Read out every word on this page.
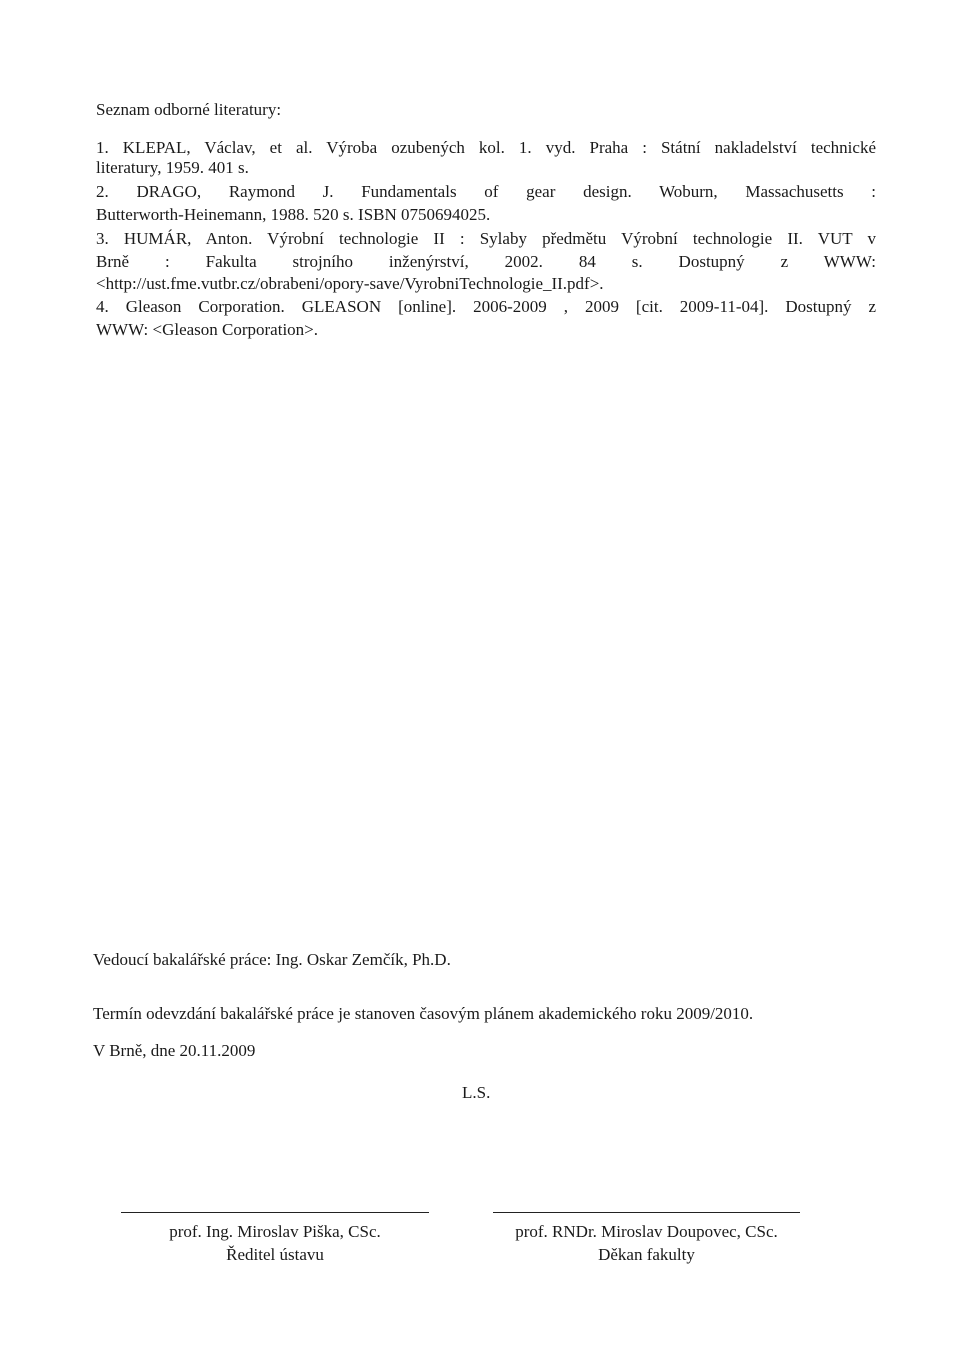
Seznam odborné literatury:
1. KLEPAL, Václav, et al. Výroba ozubených kol. 1. vyd. Praha : Státní nakladelství technické
literatury, 1959. 401 s.
2. DRAGO, Raymond J. Fundamentals of gear design. Woburn, Massachusetts :
Butterworth-Heinemann, 1988. 520 s. ISBN 0750694025.
3. HUMÁR, Anton. Výrobní technologie II : Sylaby předmětu Výrobní technologie II. VUT v
Brně : Fakulta strojního inženýrství, 2002. 84 s. Dostupný z WWW:
<http://ust.fme.vutbr.cz/obrabeni/opory-save/VyrobniTechnologie_II.pdf>.
4. Gleason Corporation. GLEASON [online]. 2006-2009 , 2009 [cit. 2009-11-04]. Dostupný z
WWW: <Gleason Corporation>.
Vedoucí bakalářské práce: Ing. Oskar Zemčík, Ph.D.
Termín odevzdání bakalářské práce je stanoven časovým plánem akademického roku 2009/2010.
V Brně, dne 20.11.2009
L.S.
prof. Ing. Miroslav Piška, CSc.
Ředitel ústavu
prof. RNDr. Miroslav Doupovec, CSc.
Děkan fakulty
